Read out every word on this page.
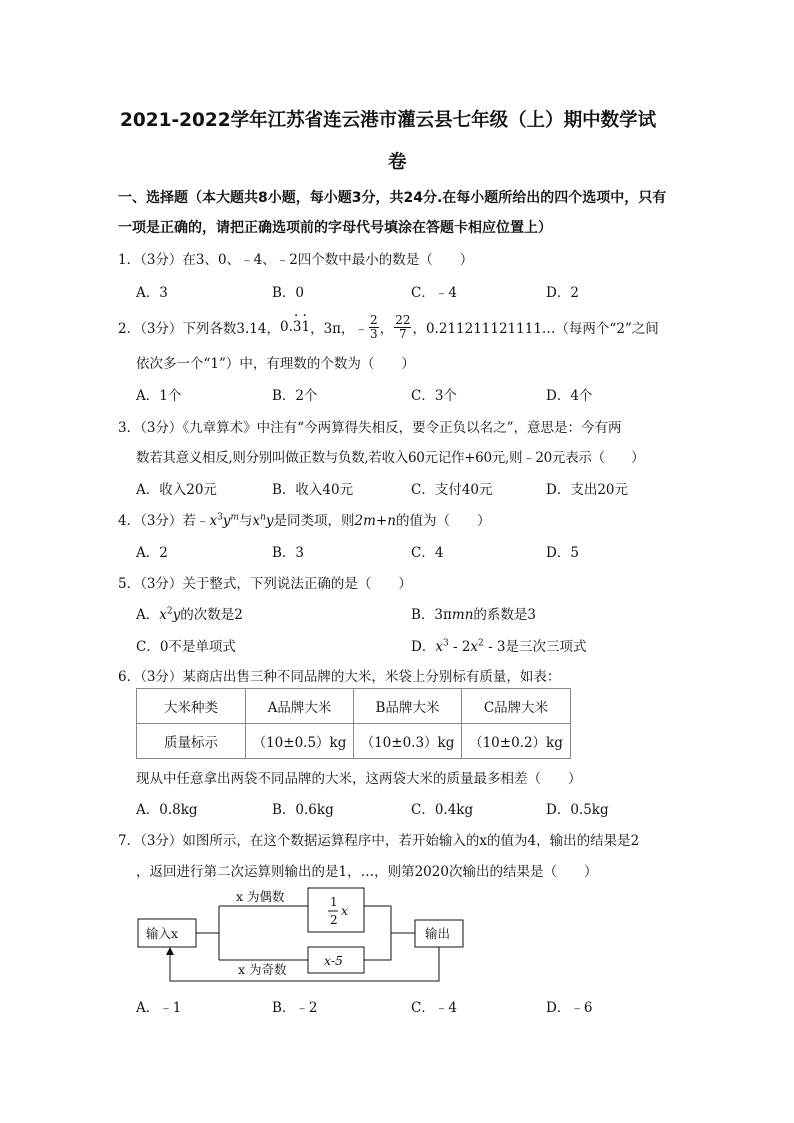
2021-2022学年江苏省连云港市灌云县七年级（上）期中数学试
卷
一、选择题（本大题共8小题，每小题3分，共24分.在每小题所给出的四个选项中，只有
一项是正确的，请把正确选项前的字母代号填涂在答题卡相应位置上）
1．（3分）在3、0、﹣4、﹣2四个数中最小的数是（　　）
A．3	B．0	C．﹣4	D．2
2．（3分）下列各数3.14， 0.· 3· 1 ，3π， ﹣ $\frac{2}{3}$ ， $\frac{22}{7}$ ，0.211211121111…（每两个“2”之间
依次多一个“1”）中，有理数的个数为（　　）
A．1个	B．2个	C．3个	D．4个
3．（3分）《九章算术》中注有“今两算得失相反，要令正负以名之”，意思是：今有两
数若其意义相反,则分别叫做正数与负数,若收入60元记作+60元,则﹣20元表示（　　）
A．收入20元	B．收入40元	C．支付40元	D．支出20元
4．（3分）若$﹣x^3y^m$与$x^ny$是同类项，则2m+n的值为（　　）
A．2	B．3	C．4	D．5
5．（3分）关于整式，下列说法正确的是（　　）
A．$x^2y$的次数是2	B．3πmn的系数是3
C．0不是单项式	D．$x^3 - 2x^2 - 3$是三次三项式
6．（3分）某商店出售三种不同品牌的大米，米袋上分别标有质量，如表：
大米种类	A品牌大米	B品牌大米	C品牌大米
质量标示	（10±0.5）kg	（10±0.3）kg	（10±0.2）kg
现从中任意拿出两袋不同品牌的大米，这两袋大米的质量最多相差（　　）
A．0.8kg	B．0.6kg	C．0.4kg	D．0.5kg
7．（3分）如图所示，在这个数据运算程序中，若开始输入的x的值为4，输出的结果是2
，返回进行第二次运算则输出的是1，…，则第2020次输出的结果是（　　）
输入x
x 为偶数	1
2
x
x-5
x 为奇数
输出
A．﹣1	B．﹣2	C．﹣4	D．﹣6
